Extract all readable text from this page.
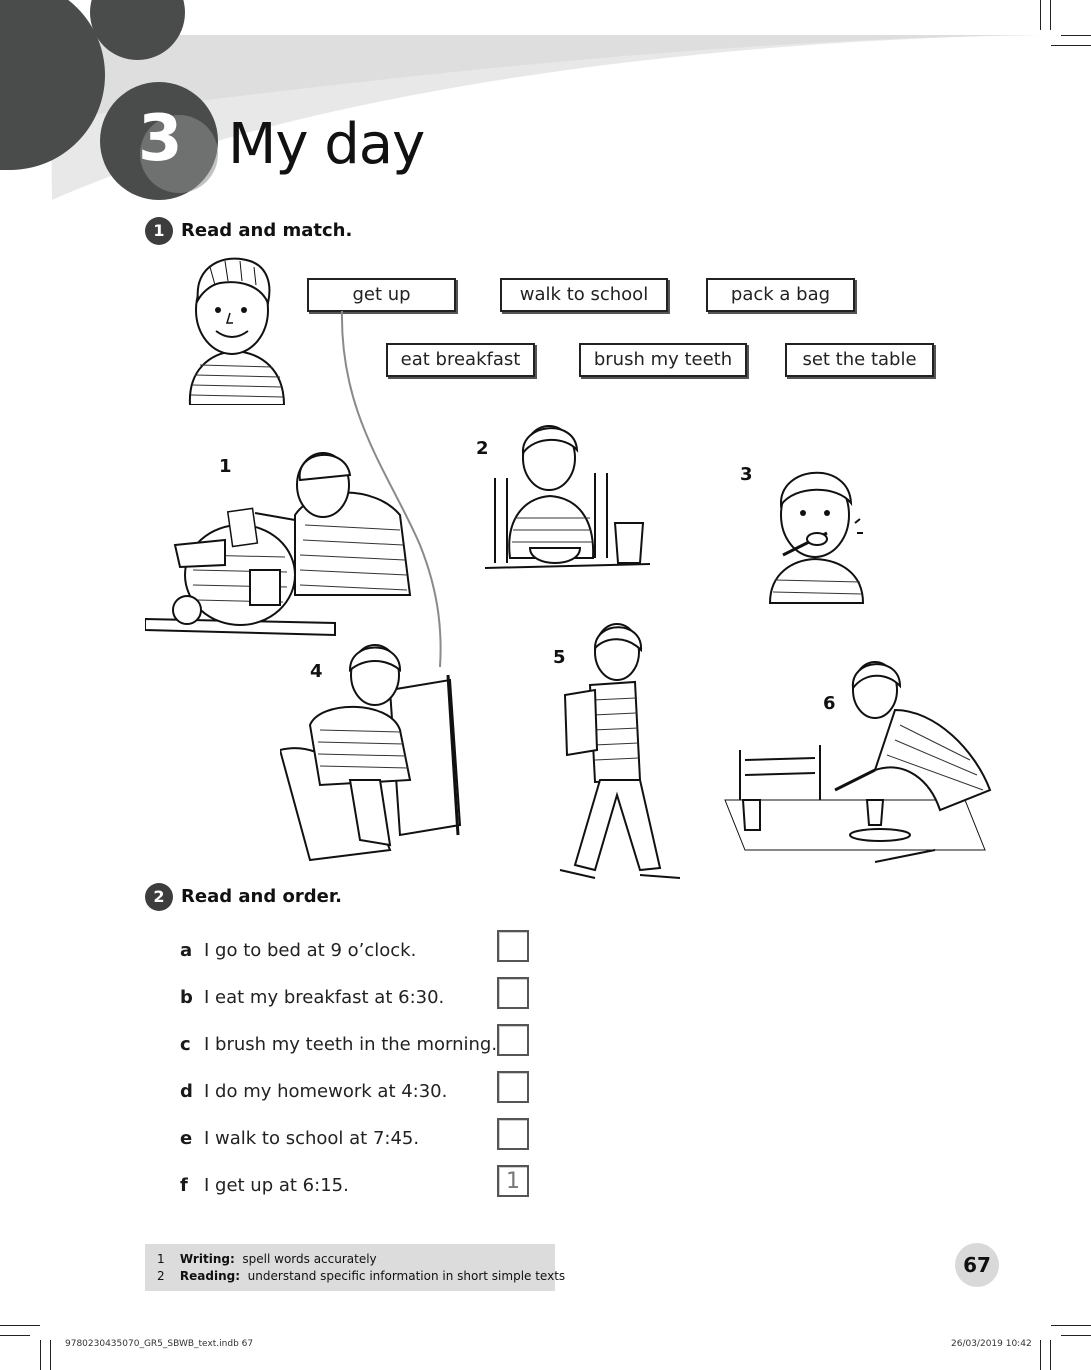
3 My day
1 Read and match.
get up	walk to school	pack a bag
eat breakfast	brush my teeth	set the table
1
2
3
4
5
6
2 Read and order.
a I go to bed at 9 o’clock.
b I eat my breakfast at 6:30.
c I brush my teeth in the morning.
d I do my homework at 4:30.
e I walk to school at 7:45.
f I get up at 6:15.	1
1 Writing: spell words accurately
2 Reading: understand specific information in short simple texts	67
9780230435070_GR5_SBWB_text.indb 67	26/03/2019 10:42
